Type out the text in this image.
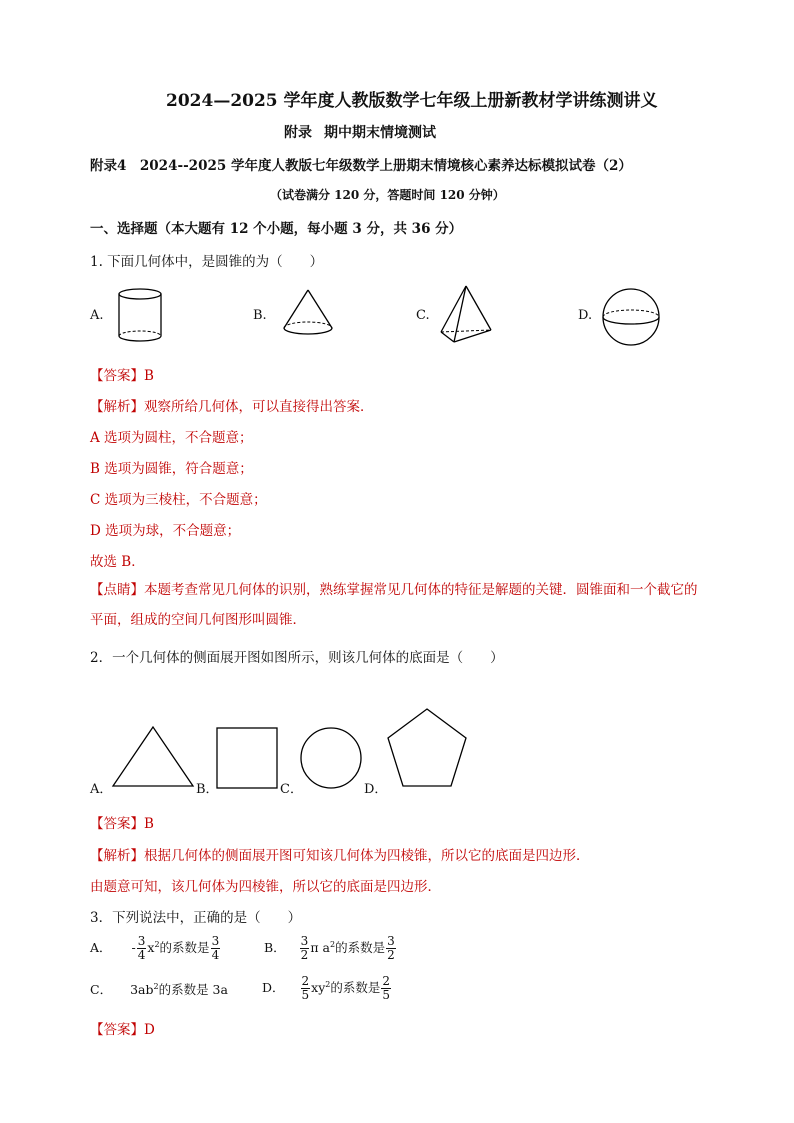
2024—2025 学年度人教版数学七年级上册新教材学讲练测讲义
附录 期中期末情境测试
附录4　2024--2025 学年度人教版七年级数学上册期末情境核心素养达标模拟试卷（2）
（试卷满分 120 分，答题时间 120 分钟）
一、选择题（本大题有 12 个小题，每小题 3 分，共 36 分）
1. 下面几何体中，是圆锥的为（　　）
A.	B.	C.	D.
【答案】B
【解析】观察所给几何体，可以直接得出答案．
A 选项为圆柱，不合题意；
B 选项为圆锥，符合题意；
C 选项为三棱柱，不合题意；
D 选项为球，不合题意；
故选 B．
【点睛】本题考查常见几何体的识别，熟练掌握常见几何体的特征是解题的关键．圆锥面和一个截它的平面，组成的空间几何图形叫圆锥．
2．一个几何体的侧面展开图如图所示，则该几何体的底面是（　　）
A．	B．	C．	D．
【答案】B
【解析】根据几何体的侧面展开图可知该几何体为四棱锥，所以它的底面是四边形．
由题意可知，该几何体为四棱锥，所以它的底面是四边形．
3．下列说法中，正确的是（　　）
A． - $\frac{3}{4} x^2$的系数是 $\frac{3}{4}$	B． $\frac{3}{2}$ π $a^2$的系数是 $\frac{3}{2}$
C． $3ab^2$的系数是 3a	D． $\frac{2}{5} xy^2$的系数是 $\frac{2}{5}$
【答案】D
